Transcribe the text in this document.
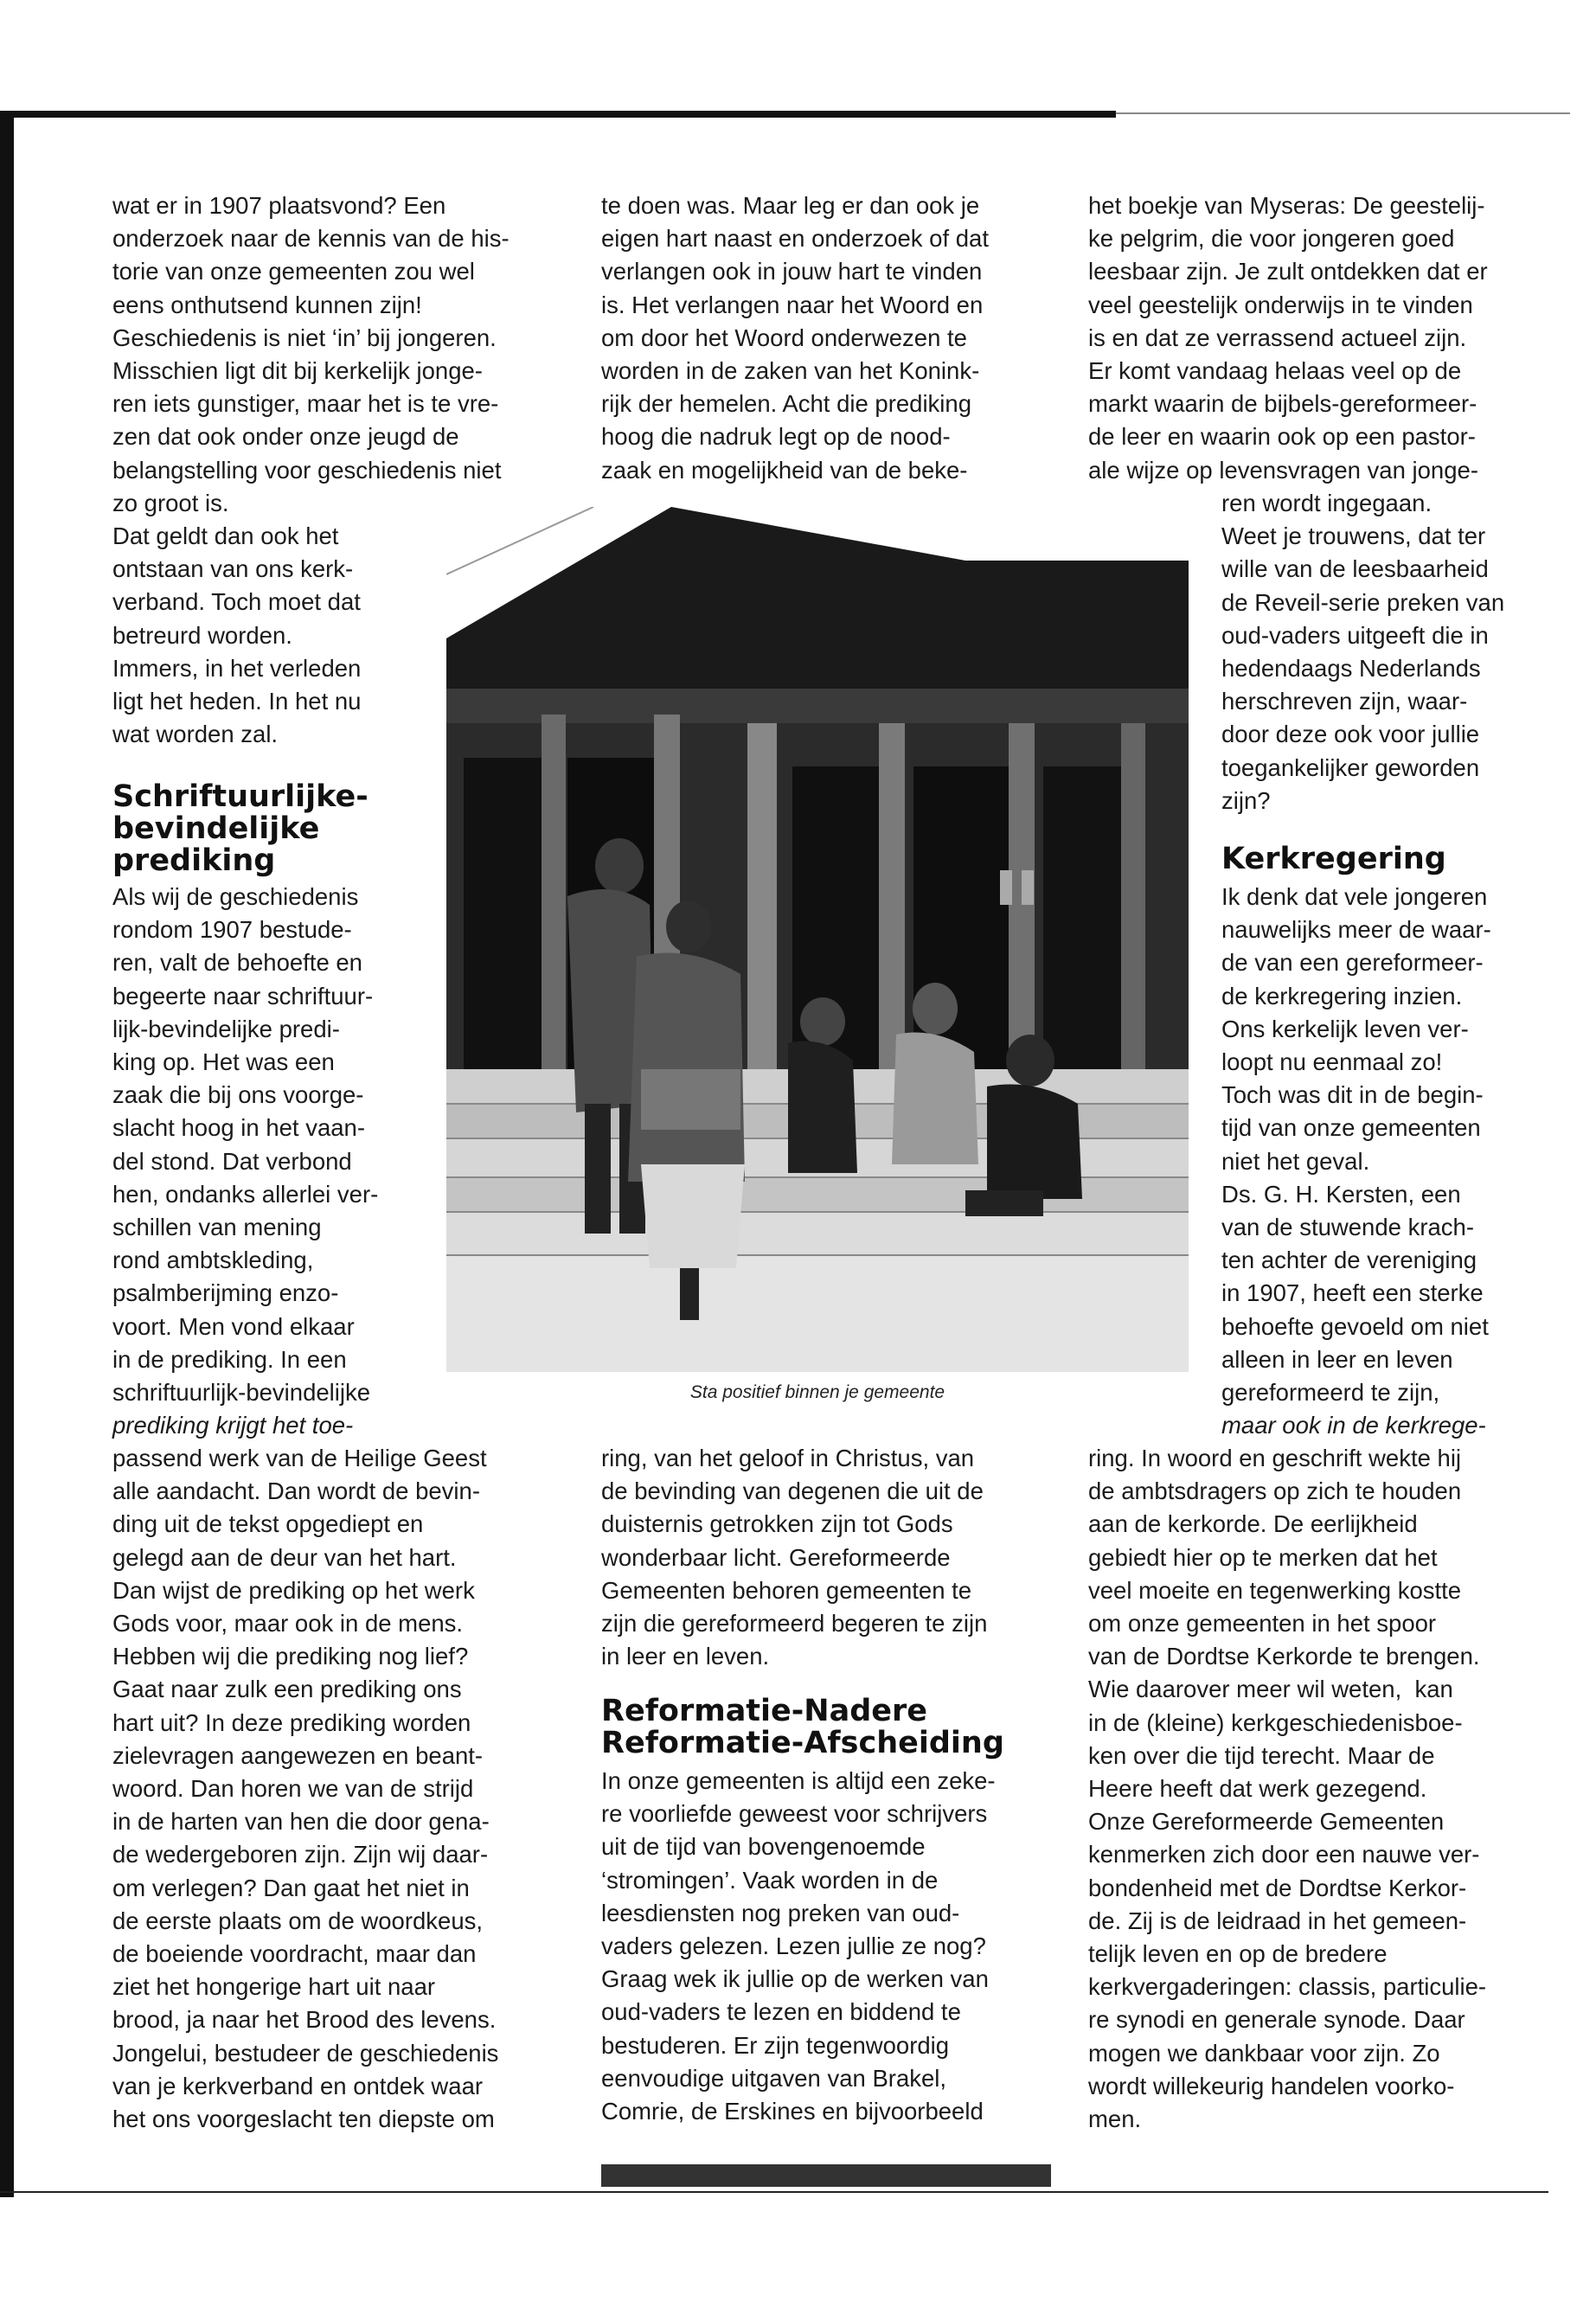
wat er in 1907 plaatsvond? Een
onderzoek naar de kennis van de his-
torie van onze gemeenten zou wel
eens onthutsend kunnen zijn!
Geschiedenis is niet ‘in’ bij jongeren.
Misschien ligt dit bij kerkelijk jonge-
ren iets gunstiger, maar het is te vre-
zen dat ook onder onze jeugd de
belangstelling voor geschiedenis niet
zo groot is.

Dat geldt dan ook het
ontstaan van ons kerk-
verband. Toch moet dat
betreurd worden.
Immers, in het verleden
ligt het heden. In het nu
wat worden zal.

Schriftuurlijke-
bevindelijke
prediking

Als wij de geschiedenis
rondom 1907 bestude-
ren, valt de behoefte en
begeerte naar schriftuur-
lijk-bevindelijke predi-
king op. Het was een
zaak die bij ons voorge-
slacht hoog in het vaan-
del stond. Dat verbond
hen, ondanks allerlei ver-
schillen van mening
rond ambtskleding,
psalmberijming enzo-
voort. Men vond elkaar
in de prediking. In een
schriftuurlijk-bevindelijke

prediking krijgt het toe-

passend werk van de Heilige Geest
alle aandacht. Dan wordt de bevin-
ding uit de tekst opgediept en
gelegd aan de deur van het hart.
Dan wijst de prediking op het werk
Gods voor, maar ook in de mens.
Hebben wij die prediking nog lief?
Gaat naar zulk een prediking ons
hart uit? In deze prediking worden
zielevragen aangewezen en beant-
woord. Dan horen we van de strijd
in de harten van hen die door gena-
de wedergeboren zijn. Zijn wij daar-
om verlegen? Dan gaat het niet in
de eerste plaats om de woordkeus,
de boeiende voordracht, maar dan
ziet het hongerige hart uit naar
brood, ja naar het Brood des levens.
Jongelui, bestudeer de geschiedenis
van je kerkverband en ontdek waar
het ons voorgeslacht ten diepste om

te doen was. Maar leg er dan ook je
eigen hart naast en onderzoek of dat
verlangen ook in jouw hart te vinden
is. Het verlangen naar het Woord en
om door het Woord onderwezen te
worden in de zaken van het Konink-
rijk der hemelen. Acht die prediking
hoog die nadruk legt op de nood-
zaak en mogelijkheid van de beke-

Sta positief binnen je gemeente

ring, van het geloof in Christus, van
de bevinding van degenen die uit de
duisternis getrokken zijn tot Gods
wonderbaar licht. Gereformeerde
Gemeenten behoren gemeenten te
zijn die gereformeerd begeren te zijn
in leer en leven.

Reformatie-Nadere
Reformatie-Afscheiding

In onze gemeenten is altijd een zeke-
re voorliefde geweest voor schrijvers
uit de tijd van bovengenoemde
‘stromingen’. Vaak worden in de
leesdiensten nog preken van oud-
vaders gelezen. Lezen jullie ze nog?
Graag wek ik jullie op de werken van
oud-vaders te lezen en biddend te
bestuderen. Er zijn tegenwoordig
eenvoudige uitgaven van Brakel,
Comrie, de Erskines en bijvoorbeeld

het boekje van Myseras: De geestelij-
ke pelgrim, die voor jongeren goed
leesbaar zijn. Je zult ontdekken dat er
veel geestelijk onderwijs in te vinden
is en dat ze verrassend actueel zijn.
Er komt vandaag helaas veel op de
markt waarin de bijbels-gereformeer-
de leer en waarin ook op een pastor-
ale wijze op levensvragen van jonge-

ren wordt ingegaan.
Weet je trouwens, dat ter
wille van de leesbaarheid
de Reveil-serie preken van
oud-vaders uitgeeft die in
hedendaags Nederlands
herschreven zijn, waar-
door deze ook voor jullie
toegankelijker geworden
zijn?

Kerkregering

Ik denk dat vele jongeren
nauwelijks meer de waar-
de van een gereformeer-
de kerkregering inzien.
Ons kerkelijk leven ver-
loopt nu eenmaal zo!
Toch was dit in de begin-
tijd van onze gemeenten
niet het geval.
Ds. G. H. Kersten, een
van de stuwende krach-
ten achter de vereniging
in 1907, heeft een sterke
behoefte gevoeld om niet
alleen in leer en leven
gereformeerd te zijn,

maar ook in de kerkrege-

ring. In woord en geschrift wekte hij
de ambtsdragers op zich te houden
aan de kerkorde. De eerlijkheid
gebiedt hier op te merken dat het
veel moeite en tegenwerking kostte
om onze gemeenten in het spoor
van de Dordtse Kerkorde te brengen.
Wie daarover meer wil weten,  kan
in de (kleine) kerkgeschiedenisboe-
ken over die tijd terecht. Maar de
Heere heeft dat werk gezegend.
Onze Gereformeerde Gemeenten
kenmerken zich door een nauwe ver-
bondenheid met de Dordtse Kerkor-
de. Zij is de leidraad in het gemeen-
telijk leven en op de bredere
kerkvergaderingen: classis, particulie-
re synodi en generale synode. Daar
mogen we dankbaar voor zijn. Zo
wordt willekeurig handelen voorko-
men.
